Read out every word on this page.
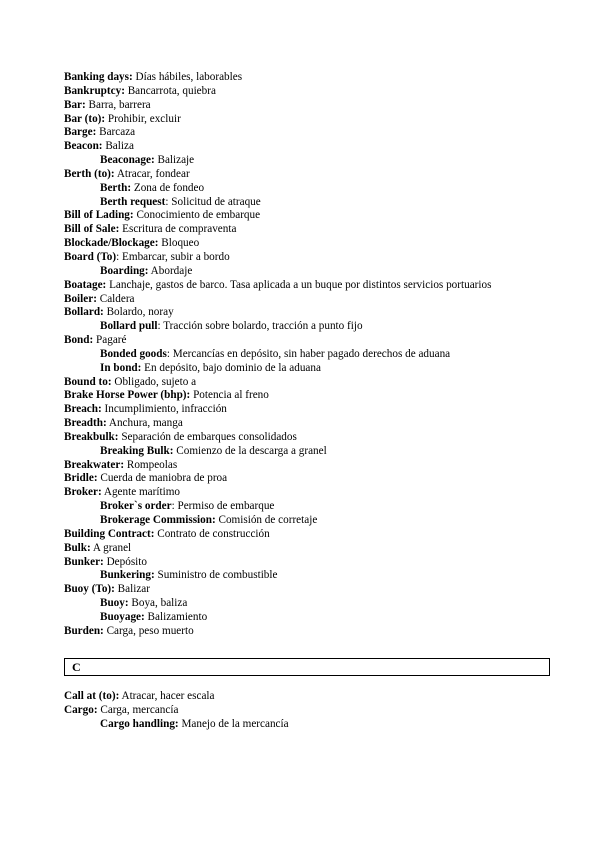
Banking days: Días hábiles, laborables
Bankruptcy: Bancarrota, quiebra
Bar: Barra, barrera
Bar (to): Prohibir, excluir
Barge: Barcaza
Beacon: Baliza
Beaconage: Balizaje
Berth (to): Atracar, fondear
Berth: Zona de fondeo
Berth request: Solicitud de atraque
Bill of Lading: Conocimiento de embarque
Bill of Sale: Escritura de compraventa
Blockade/Blockage: Bloqueo
Board (To): Embarcar, subir a bordo
Boarding: Abordaje
Boatage: Lanchaje, gastos de barco. Tasa aplicada a un buque por distintos servicios portuarios
Boiler: Caldera
Bollard: Bolardo, noray
Bollard pull: Tracción sobre bolardo, tracción a punto fijo
Bond: Pagaré
Bonded goods: Mercancías en depósito, sin haber pagado derechos de aduana
In bond: En depósito, bajo dominio de la aduana
Bound to: Obligado, sujeto a
Brake Horse Power (bhp): Potencia al freno
Breach: Incumplimiento, infracción
Breadth: Anchura, manga
Breakbulk: Separación de embarques consolidados
Breaking Bulk: Comienzo de la descarga a granel
Breakwater: Rompeolas
Bridle: Cuerda de maniobra de proa
Broker: Agente marítimo
Broker`s order: Permiso de embarque
Brokerage Commission: Comisión de corretaje
Building Contract: Contrato de construcción
Bulk: A granel
Bunker: Depósito
Bunkering: Suministro de combustible
Buoy (To): Balizar
Buoy: Boya, baliza
Buoyage: Balizamiento
Burden: Carga, peso muerto
C
Call at (to): Atracar, hacer escala
Cargo: Carga, mercancía
Cargo handling: Manejo de la mercancía
